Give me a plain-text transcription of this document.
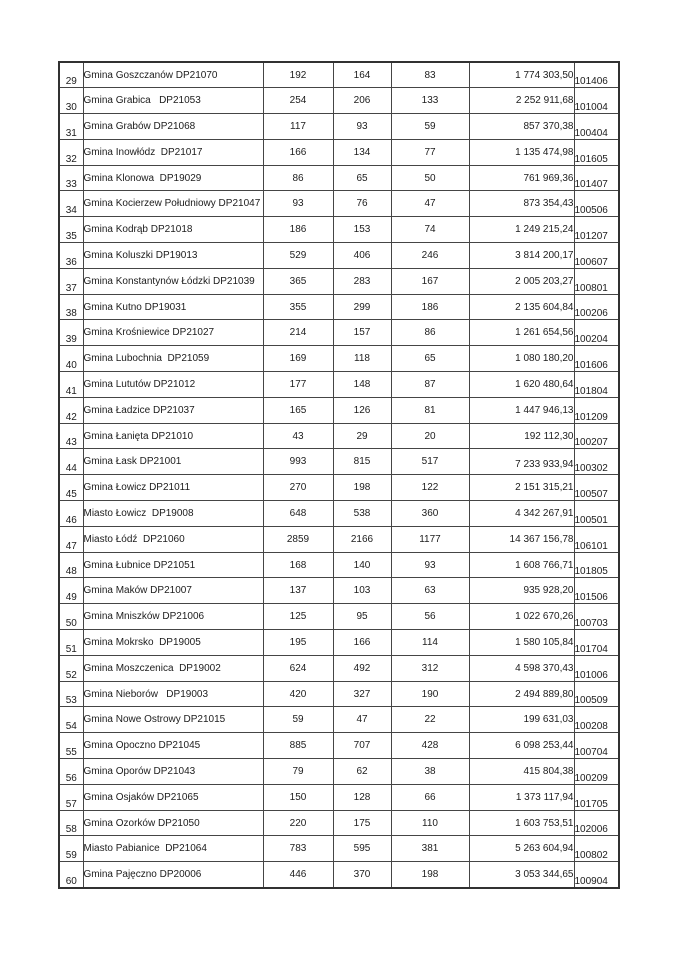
29	Gmina Goszczanów DP21070	192	164	83	1 774 303,50	101406
30	Gmina Grabica   DP21053	254	206	133	2 252 911,68	101004
31	Gmina Grabów DP21068	117	93	59	857 370,38	100404
32	Gmina Inowłódz  DP21017	166	134	77	1 135 474,98	101605
33	Gmina Klonowa  DP19029	86	65	50	761 969,36	101407
34	Gmina Kocierzew Południowy DP21047	93	76	47	873 354,43	100506
35	Gmina Kodrąb DP21018	186	153	74	1 249 215,24	101207
36	Gmina Koluszki DP19013	529	406	246	3 814 200,17	100607
37	Gmina Konstantynów Łódzki DP21039	365	283	167	2 005 203,27	100801
38	Gmina Kutno DP19031	355	299	186	2 135 604,84	100206
39	Gmina Krośniewice DP21027	214	157	86	1 261 654,56	100204
40	Gmina Lubochnia  DP21059	169	118	65	1 080 180,20	101606
41	Gmina Lututów DP21012	177	148	87	1 620 480,64	101804
42	Gmina Ładzice DP21037	165	126	81	1 447 946,13	101209
43	Gmina Łanięta DP21010	43	29	20	192 112,30	100207
44	Gmina Łask DP21001	993	815	517	7 233 933,94	100302
45	Gmina Łowicz DP21011	270	198	122	2 151 315,21	100507
46	Miasto Łowicz  DP19008	648	538	360	4 342 267,91	100501
47	Miasto Łódź  DP21060	2859	2166	1177	14 367 156,78	106101
48	Gmina Łubnice DP21051	168	140	93	1 608 766,71	101805
49	Gmina Maków DP21007	137	103	63	935 928,20	101506
50	Gmina Mniszków DP21006	125	95	56	1 022 670,26	100703
51	Gmina Mokrsko  DP19005	195	166	114	1 580 105,84	101704
52	Gmina Moszczenica  DP19002	624	492	312	4 598 370,43	101006
53	Gmina Nieborów   DP19003	420	327	190	2 494 889,80	100509
54	Gmina Nowe Ostrowy DP21015	59	47	22	199 631,03	100208
55	Gmina Opoczno DP21045	885	707	428	6 098 253,44	100704
56	Gmina Oporów DP21043	79	62	38	415 804,38	100209
57	Gmina Osjaków DP21065	150	128	66	1 373 117,94	101705
58	Gmina Ozorków DP21050	220	175	110	1 603 753,51	102006
59	Miasto Pabianice  DP21064	783	595	381	5 263 604,94	100802
60	Gmina Pajęczno DP20006	446	370	198	3 053 344,65	100904
